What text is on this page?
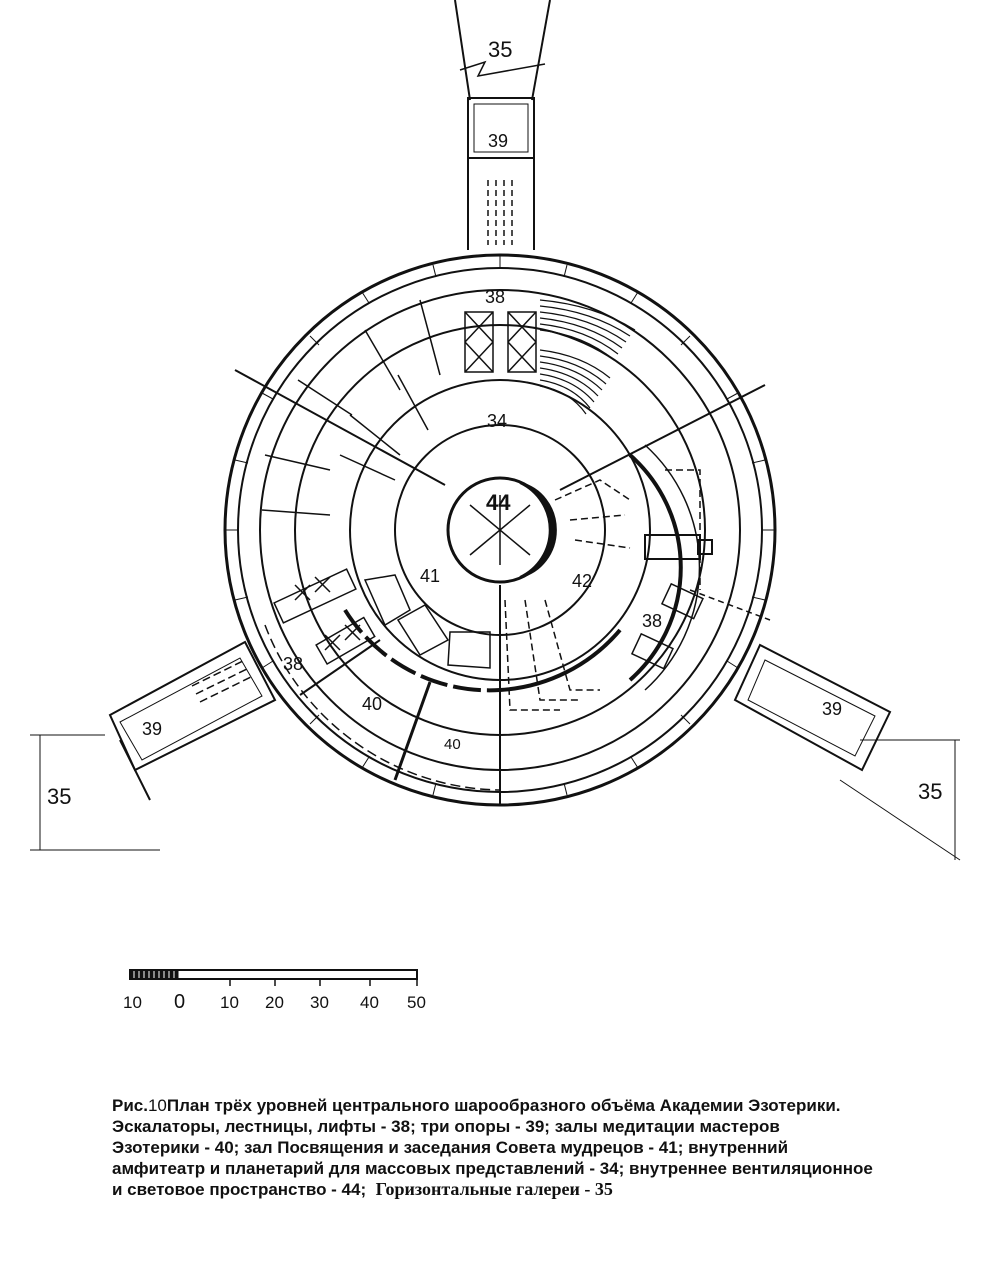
35
39
38
34
44
41	42
38
38
40
40
39
39
35	35
10 0 10 20 30 40 50
Рис.10План трёх уровней центрального шарообразного объёма Академии Эзотерики.
Эскалаторы, лестницы, лифты - 38; три опоры - 39; залы медитации мастеров
Эзотерики - 40; зал Посвящения и заседания Совета мудрецов - 41; внутренний
амфитеатр и планетарий для массовых представлений - 34; внутреннее вентиляционное
и световое пространство - 44; Горизонтальные галереи - 35
